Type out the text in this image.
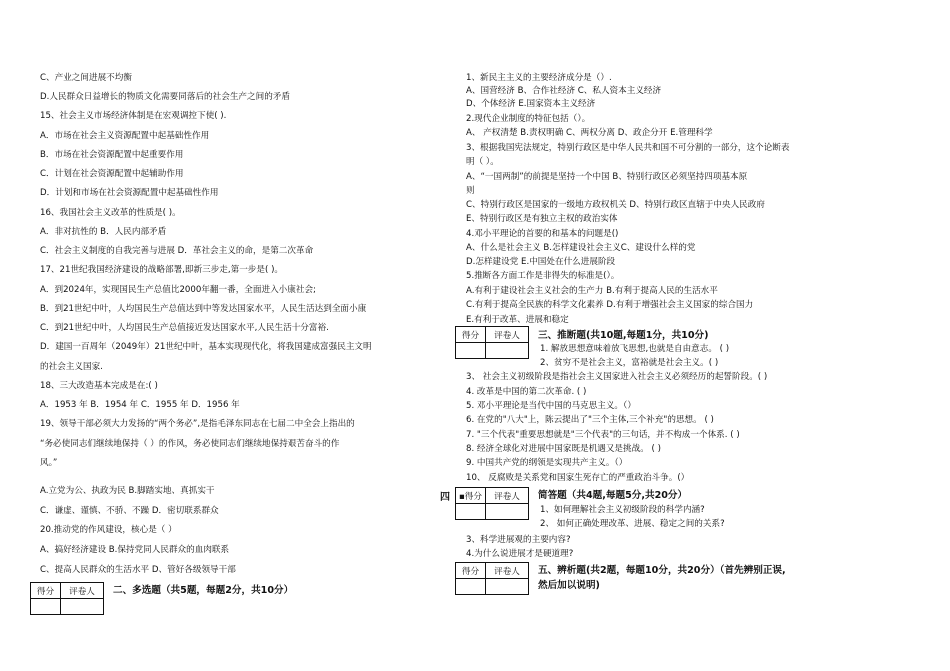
C、产业之间进展不均衡
D.人民群众日益增长的物质文化需要同落后的社会生产之间的矛盾
15、社会主义市场经济体制是在宏观调控下使( ).
A．市场在社会主义资源配置中起基础性作用
B．市场在社会资源配置中起重要作用
C．计划在社会资源配置中起辅助作用
D．计划和市场在社会资源配置中起基础性作用
16、我国社会主义改革的性质是( )。
A．非对抗性的 B．人民内部矛盾
C．社会主义制度的自我完善与进展 D．革社会主义的命，是第二次革命
17、21世纪我国经济建设的战略部署,即新三步走,第一步是( )。
A．到2024年，实现国民生产总值比2000年翻一番，全面进入小康社会;
B．到21世纪中叶，人均国民生产总值达到中等发达国家水平，人民生活达到全面小康
C．到21世纪中叶，人均国民生产总值接近发达国家水平,人民生活十分富裕.
D．建国一百周年（2049年）21世纪中叶，基本实现现代化，将我国建成富强民主文明
的社会主义国家.
18、三大改造基本完成是在:( )
A．1953 年 B．1954 年 C．1955 年 D．1956 年
19、领导干部必须大力发扬的“两个务必”,是指毛泽东同志在七届二中全会上指出的
“务必使同志们继续地保持（ ）的作风，务必使同志们继续地保持艰苦奋斗的作
风。”
A.立党为公、执政为民 B.脚踏实地、真抓实干
C．谦虚、谨慎、不骄、不躁 D．密切联系群众
20.推动党的作风建设，核心是（ ）
A、搞好经济建设 B.保持党同人民群众的血肉联系
C、提高人民群众的生活水平 D、管好各级领导干部
得分	评卷人
	二、多选题（共5题，每题2分，共10分）
1、新民主主义的主要经济成分是（）.
A、国营经济 B、合作社经济 C、私人资本主义经济
D、个体经济 E.国家资本主义经济
2.现代企业制度的特征包括（）。
A、 产权清楚 B.责权明确 C、两权分离 D、政企分开 E.管理科学
3、根据我国宪法规定，特别行政区是中华人民共和国不可分割的一部分，这个论断表
明（ ）。
A、“一国两制”的前提是坚持一个中国 B、特别行政区必须坚持四项基本原
则
C、特别行政区是国家的一级地方政权机关 D、特别行政区直辖于中央人民政府
E、特别行政区是有独立主权的政治实体
4.邓小平理论的首要的和基本的问题是()
A、什么是社会主义 B.怎样建设社会主义C、建设什么样的党
D.怎样建设党 E.中国处在什么进展阶段
5.推断各方面工作是非得失的标准是(）。
A.有利于建设社会主义社会的生产力 B.有利于提高人民的生活水平
C.有利于提高全民族的科学文化素养 D.有利于增强社会主义国家的综合国力
E.有利于改革、进展和稳定
得分	评卷人
	三、推断题(共10题,每题1分，共10分)
1. 解放思想意味着放飞思想,也就是自由意志。 ( )
2、贫穷不是社会主义，富裕就是社会主义。( )
3、 社会主义初级阶段是指社会主义国家进入社会主义必须经历的起誓阶段。( )
4. 改革是中国的第二次革命. ( )
5. 邓小平理论是当代中国的马克思主义。（）
6. 在党的"八大"上，陈云提出了"三个主体,三个补充"的思想。 ( )
7. "三个代表"重要思想就是"三个代表"的三句话，并不构成一个体系. ( )
8. 经济全球化对进展中国家既是机遇又是挑战。 ( )
9. 中国共产党的纲领是实现共产主义。（）
10、 反腐败是关系党和国家生死存亡的严重政治斗争。(）
四 ▪得分	评卷人
	简答题（共4题,每题5分,共20分）
1、如何理解社会主义初级阶段的科学内涵?
2、 如何正确处理改革、进展、稳定之间的关系?
3、科学进展观的主要内容?
4.为什么说进展才是硬道理?
得分	评卷人
	五、辨析题(共2题，每题10分，共20分）（首先辨别正误,
然后加以说明)
